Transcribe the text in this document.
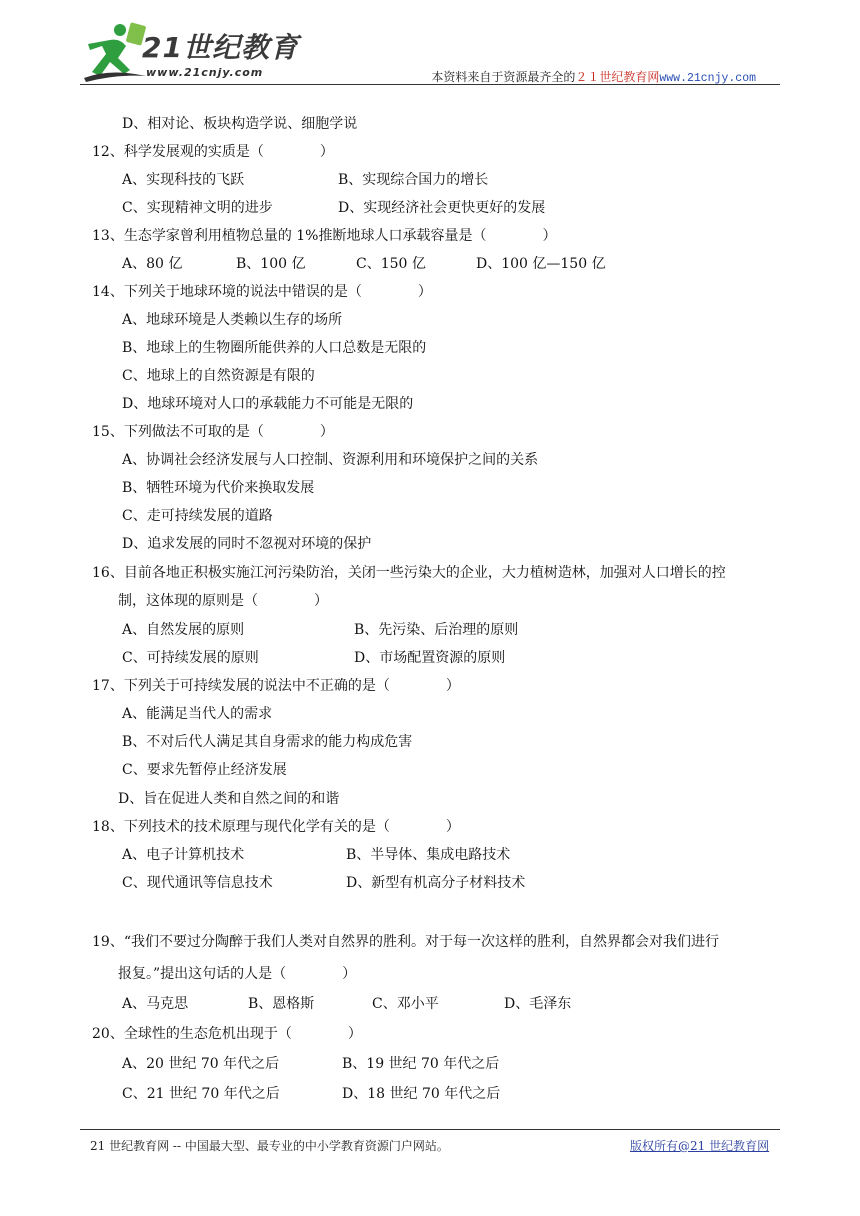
21世纪教育
www.21cnjy.com	本资料来自于资源最齐全的２１世纪教育网www.21cnjy.com
D、相对论、板块构造学说、细胞学说
12、科学发展观的实质是（　　　　）
A、实现科技的飞跃	B、实现综合国力的增长
C、实现精神文明的进步	D、实现经济社会更快更好的发展
13、生态学家曾利用植物总量的 1%推断地球人口承载容量是（　　　　）
A、80 亿	B、100 亿	C、150 亿	D、100 亿—150 亿
14、下列关于地球环境的说法中错误的是（　　　　）
A、地球环境是人类赖以生存的场所
B、地球上的生物圈所能供养的人口总数是无限的
C、地球上的自然资源是有限的
D、地球环境对人口的承载能力不可能是无限的
15、下列做法不可取的是（　　　　）
A、协调社会经济发展与人口控制、资源利用和环境保护之间的关系
B、牺牲环境为代价来换取发展
C、走可持续发展的道路
D、追求发展的同时不忽视对环境的保护
16、目前各地正积极实施江河污染防治，关闭一些污染大的企业，大力植树造林，加强对人口增长的控
制，这体现的原则是（　　　　）
A、自然发展的原则	B、先污染、后治理的原则
C、可持续发展的原则	D、市场配置资源的原则
17、下列关于可持续发展的说法中不正确的是（　　　　）
A、能满足当代人的需求
B、不对后代人满足其自身需求的能力构成危害
C、要求先暂停止经济发展
D、旨在促进人类和自然之间的和谐
18、下列技术的技术原理与现代化学有关的是（　　　　）
A、电子计算机技术	B、半导体、集成电路技术
C、现代通讯等信息技术	D、新型有机高分子材料技术
19、“我们不要过分陶醉于我们人类对自然界的胜利。对于每一次这样的胜利，自然界都会对我们进行
报复。”提出这句话的人是（　　　　）
A、马克思	B、恩格斯	C、邓小平	D、毛泽东
20、全球性的生态危机出现于（　　　　）
A、20 世纪 70 年代之后	B、19 世纪 70 年代之后
C、21 世纪 70 年代之后	D、18 世纪 70 年代之后
21 世纪教育网 -- 中国最大型、最专业的中小学教育资源门户网站。	版权所有@21 世纪教育网
